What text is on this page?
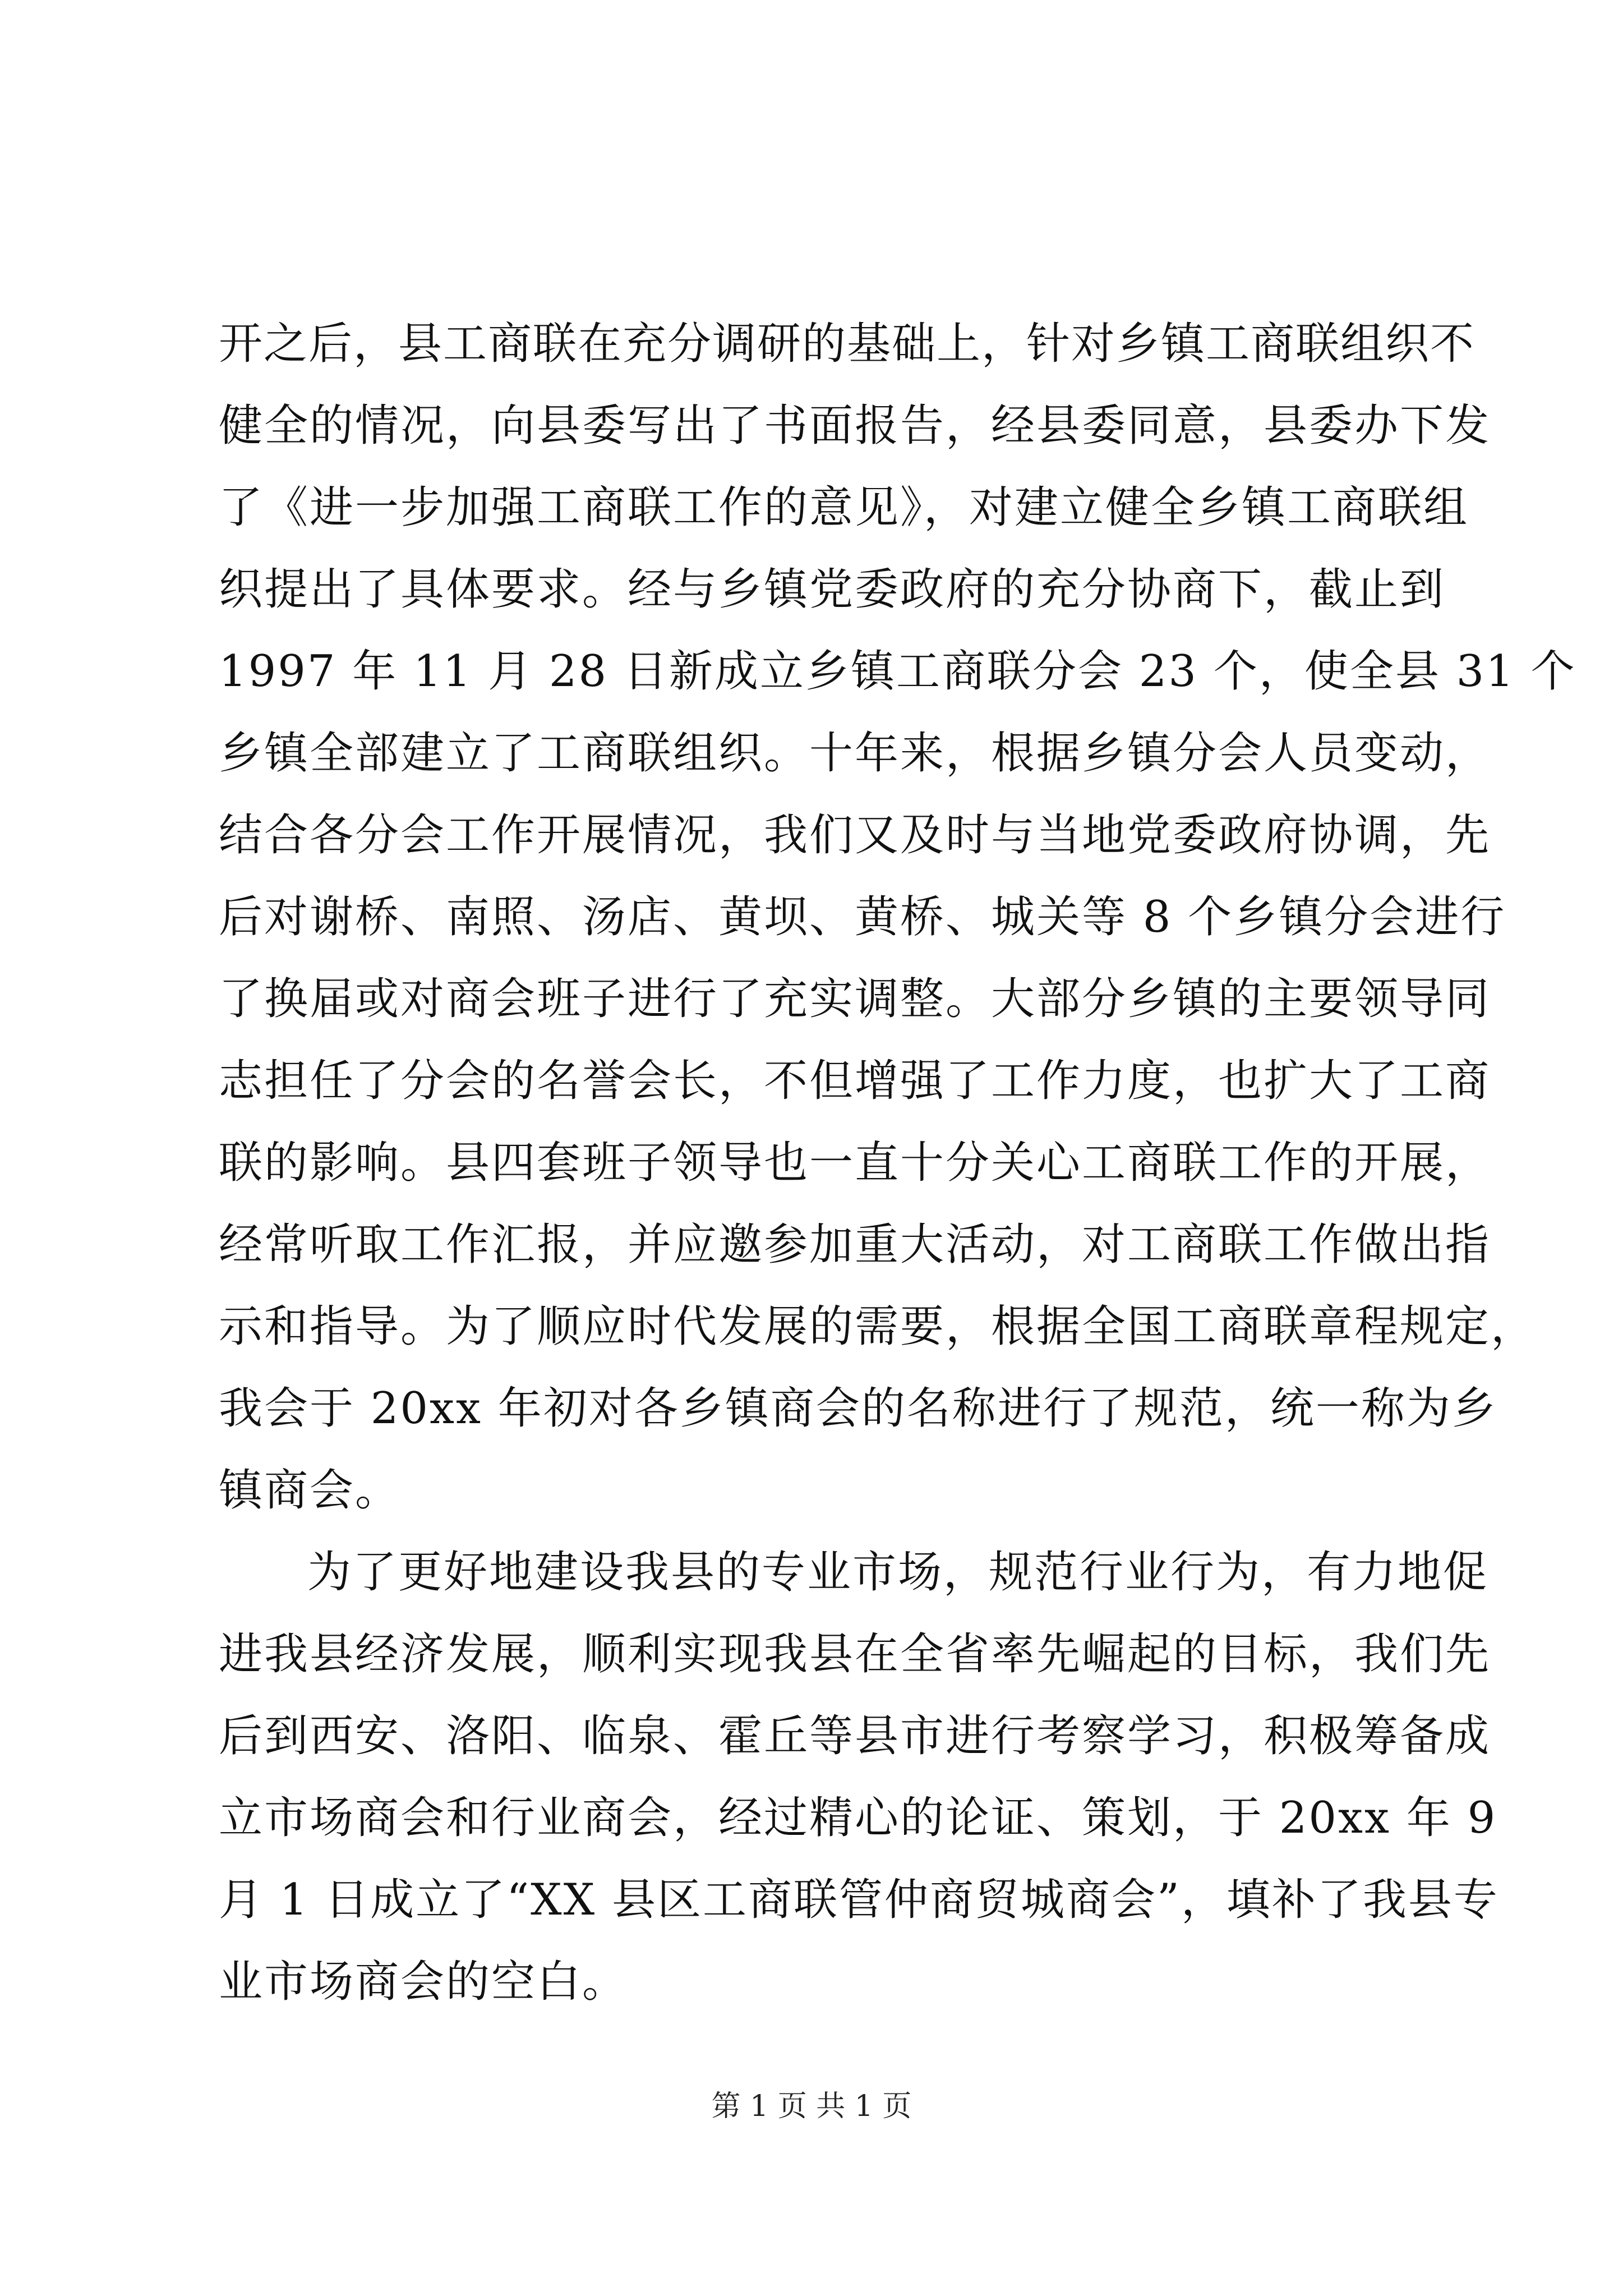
开之后，县工商联在充分调研的基础上，针对乡镇工商联组织不
健全的情况，向县委写出了书面报告，经县委同意，县委办下发
了《进一步加强工商联工作的意见》，对建立健全乡镇工商联组
织提出了具体要求。经与乡镇党委政府的充分协商下，截止到
1997 年 11 月 28 日新成立乡镇工商联分会 23 个，使全县 31 个
乡镇全部建立了工商联组织。十年来，根据乡镇分会人员变动，
结合各分会工作开展情况，我们又及时与当地党委政府协调，先
后对谢桥、南照、汤店、黄坝、黄桥、城关等 8 个乡镇分会进行
了换届或对商会班子进行了充实调整。大部分乡镇的主要领导同
志担任了分会的名誉会长，不但增强了工作力度，也扩大了工商
联的影响。县四套班子领导也一直十分关心工商联工作的开展，
经常听取工作汇报，并应邀参加重大活动，对工商联工作做出指
示和指导。为了顺应时代发展的需要，根据全国工商联章程规定，
我会于 20xx 年初对各乡镇商会的名称进行了规范，统一称为乡
镇商会。
为了更好地建设我县的专业市场，规范行业行为，有力地促
进我县经济发展，顺利实现我县在全省率先崛起的目标，我们先
后到西安、洛阳、临泉、霍丘等县市进行考察学习，积极筹备成
立市场商会和行业商会，经过精心的论证、策划，于 20xx 年 9
月 1 日成立了“XX 县区工商联管仲商贸城商会”，填补了我县专
业市场商会的空白。
第 1 页 共 1 页
